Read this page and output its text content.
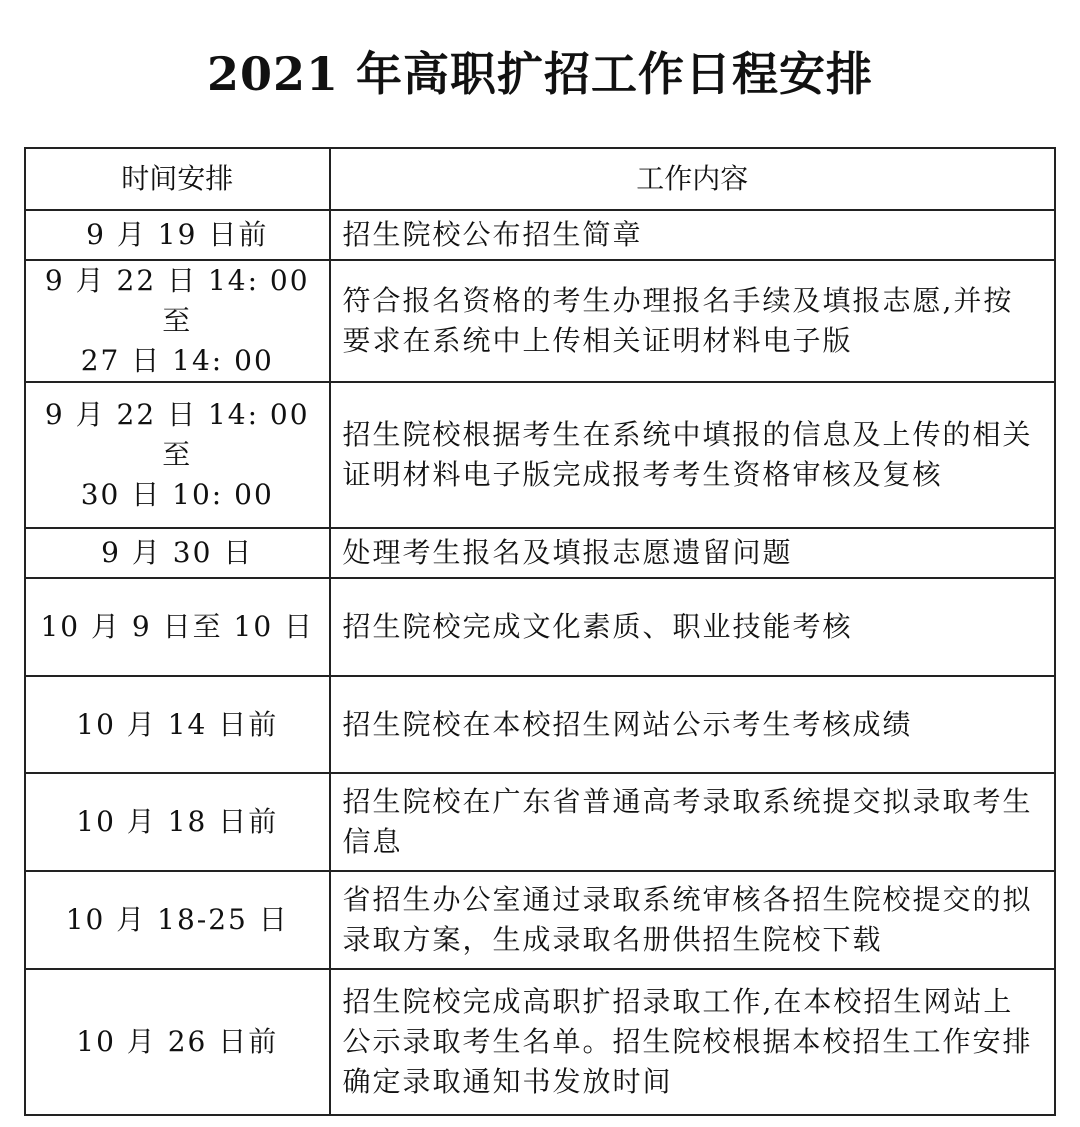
2021 年高职扩招工作日程安排
时间安排	工作内容
9 月 19 日前	招生院校公布招生简章
9 月 22 日 14: 00 至
27 日 14: 00	符合报名资格的考生办理报名手续及填报志愿,并按要求在系统中上传相关证明材料电子版
9 月 22 日 14: 00 至
30 日 10: 00	招生院校根据考生在系统中填报的信息及上传的相关证明材料电子版完成报考考生资格审核及复核
9 月 30 日	处理考生报名及填报志愿遗留问题
10 月 9 日至 10 日	招生院校完成文化素质、职业技能考核
10 月 14 日前	招生院校在本校招生网站公示考生考核成绩
10 月 18 日前	招生院校在广东省普通高考录取系统提交拟录取考生信息
10 月 18-25 日	省招生办公室通过录取系统审核各招生院校提交的拟录取方案，生成录取名册供招生院校下载
10 月 26 日前	招生院校完成高职扩招录取工作,在本校招生网站上公示录取考生名单。招生院校根据本校招生工作安排确定录取通知书发放时间
